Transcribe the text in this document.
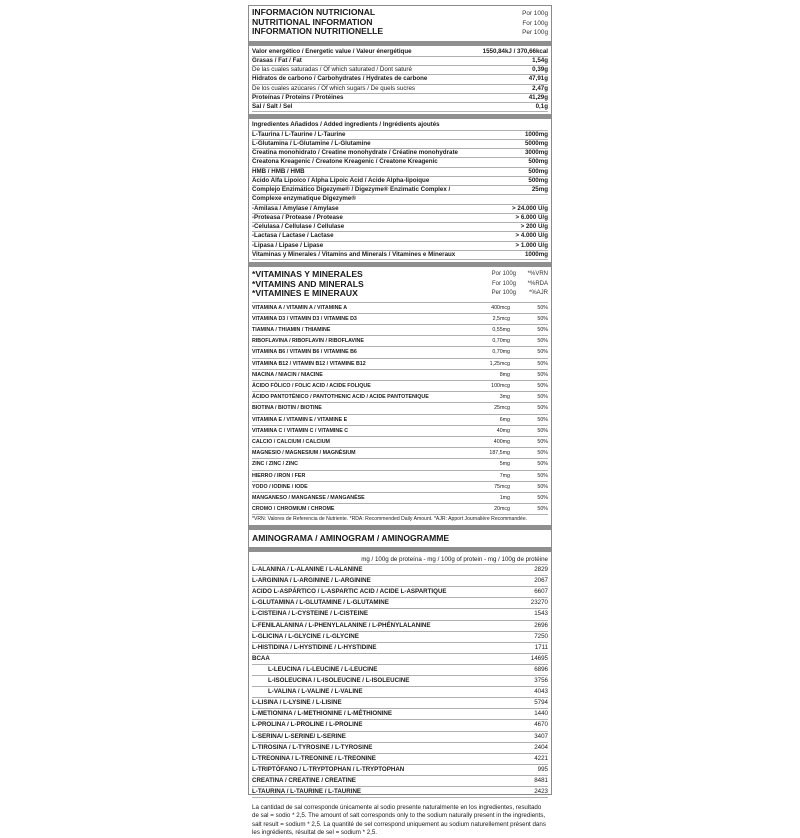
INFORMACIÓN NUTRICIONAL	Por 100g
NUTRITIONAL INFORMATION	For 100g
INFORMATION NUTRITIONELLE	Per 100g
Valor energético / Energetic value / Valeur énergétique	1550,84kJ / 370,66kcal
Grasas / Fat / Fat	1,54g
De las cuales saturadas / Of which saturated / Dont saturé	0,39g
Hidratos de carbono / Carbohydrates / Hydrates de carbone	47,91g
De los cuales azúcares / Of which sugars / De quels sucres	2,47g
Proteínas / Proteins / Protéines	41,29g
Sal / Salt / Sel	0,1g
Ingredientes Añadidos / Added ingredients / Ingrédients ajoutés
L-Taurina / L-Taurine / L-Taurine	1000mg
L-Glutamina / L-Glutamine / L-Glutamine	5000mg
Creatina monohidrato / Creatine monohydrate / Créatine monohydrate	3000mg
Creatona Kreagenic / Creatone Kreagenic / Creatone Kreagenic	500mg
HMB / HMB / HMB	500mg
Ácido Alfa Lipoico / Alpha Lipoic Acid / Acide Alpha-lipoique	500mg
Complejo Enzimático Digezyme® / Digezyme® Enzimatic Complex /	25mg
Complexe enzymatique Digezyme®
-Amilasa / Amylase / Amylase	> 24.000 U/g
-Proteasa / Protease / Protease	> 6.000 U/g
-Celulasa / Cellulase / Cellulase	> 200 U/g
-Lactasa / Lactase / Lactase	> 4.000 U/g
-Lipasa / Lipase / Lipase	> 1.000 U/g
Vitaminas y Minerales / Vitamins and Minerals / Vitamines e Mineraux	1000mg
*VITAMINAS Y MINERALES	Por 100g	*%VRN
*VITAMINS AND MINERALS	For 100g	*%RDA
*VITAMINES E MINERAUX	Per 100g	*%AJR
VITAMINA A / VITAMIN A / VITAMINE A	400mcg	50%
VITAMINA D3 / VITAMIN D3 / VITAMINE D3	2,5mcg	50%
TIAMINA / THIAMIN / THIAMINE	0,55mg	50%
RIBOFLAVINA / RIBOFLAVIN / RIBOFLAVINE	0,70mg	50%
VITAMINA B6 / VITAMIN B6 / VITAMINE B6	0,70mg	50%
VITAMINA B12 / VITAMIN B12 / VITAMINE B12	1,25mcg	50%
NIACINA / NIACIN / NIACINE	8mg	50%
ÁCIDO FÓLICO / FOLIC ACID / ACIDE FOLIQUE	100mcg	50%
ÁCIDO PANTOTÉNICO / PANTOTHENIC ACID / ACIDE PANTOTENIQUE	3mg	50%
BIOTINA / BIOTIN / BIOTINE	25mcg	50%
VITAMINA E / VITAMIN E / VITAMINE E	6mg	50%
VITAMINA C / VITAMIN C / VITAMINE C	40mg	50%
CALCIO / CALCIUM / CALCIUM	400mg	50%
MAGNESIO / MAGNESIUM / MAGNÉSIUM	187,5mg	50%
ZINC / ZINC / ZINC	5mg	50%
HIERRO / IRON / FER	7mg	50%
YODO / IODINE / IODE	75mcg	50%
MANGANESO / MANGANESE / MANGANÈSE	1mg	50%
CROMO / CHROMIUM / CHROME	20mcg	50%
*VRN: Valores de Referencia de Nutriente. *RDA: Recommended Daily Amount. *AJR: Apport Journalière Recommandée.
AMINOGRAMA / AMINOGRAM / AMINOGRAMME
mg / 100g de proteína - mg / 100g of protein - mg / 100g de protéine
L-ALANINA / L-ALANINE / L-ALANINE	2829
L-ARGININA / L-ARGININE / L-ARGININE	2067
ACIDO L-ASPÁRTICO / L-ASPARTIC ACID / ACIDE L-ASPARTIQUE	6607
L-GLUTAMINA / L-GLUTAMINE / L-GLUTAMINE	23270
L-CISTEINA / L-CYSTEINE / L-CISTEINE	1543
L-FENILALANINA / L-PHENYLALANINE / L-PHÉNYLALANINE	2696
L-GLICINA / L-GLYCINE / L-GLYCINE	7250
L-HISTIDINA / L-HYSTIDINE / L-HYSTIDINE	1711
BCAA	14695
L-LEUCINA / L-LEUCINE / L-LEUCINE	6896
L-ISOLEUCINA / L-ISOLEUCINE / L-ISOLEUCINE	3756
L-VALINA / L-VALINE / L-VALINE	4043
L-LISINA / L-LYSINE / L-LISINE	5794
L-METIONINA / L-METHIONINE / L-MÉTHIONINE	1440
L-PROLINA / L-PROLINE / L-PROLINE	4670
L-SERINA/ L-SERINE/ L-SERINE	3407
L-TIROSINA / L-TYROSINE / L-TYROSINE	2404
L-TREONINA / L-TREONINE / L-TREONINE	4221
L-TRIPTÓFANO / L-TRYPTOPHAN / L-TRYPTOPHAN	995
CREATINA / CREATINE / CREATINE	8481
L-TAURINA / L-TAURINE / L-TAURINE	2423
La cantidad de sal corresponde únicamente al sodio presente naturalmente en los ingredientes, resultado de sal = sodio * 2,5. The amount of salt corresponds only to the sodium naturally present in the ingredients, salt result = sodium * 2,5. La quantité de sel correspond uniquement au sodium naturellement présent dans les ingrédients, résultat de sel = sodium * 2,5.
